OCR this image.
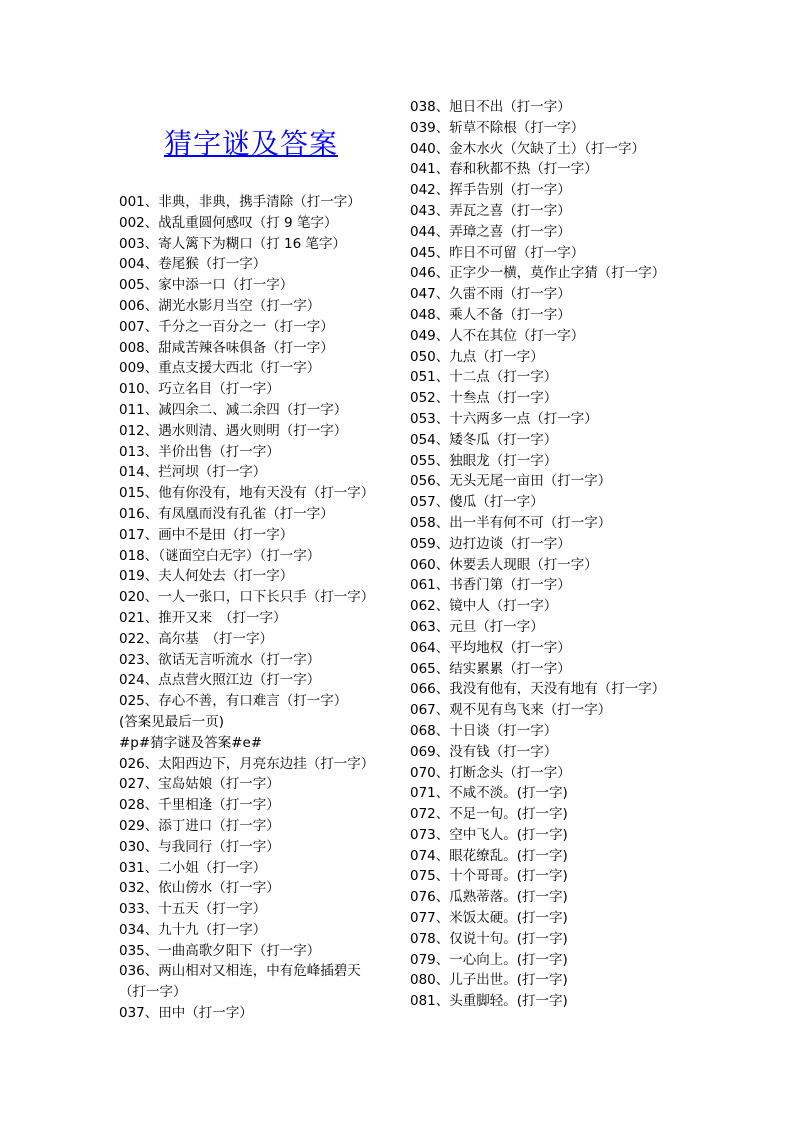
猜字谜及答案
001、非典，非典，携手清除（打一字）
002、战乱重圆何感叹（打 9 笔字）
003、寄人篱下为糊口（打 16 笔字）
004、卷尾猴（打一字）
005、家中添一口（打一字）
006、湖光水影月当空（打一字）
007、千分之一百分之一（打一字）
008、甜咸苦辣各味俱备（打一字）
009、重点支援大西北（打一字）
010、巧立名目（打一字）
011、减四余二、减二余四（打一字）
012、遇水则清、遇火则明（打一字）
013、半价出售（打一字）
014、拦河坝（打一字）
015、他有你没有，地有天没有（打一字）
016、有凤凰而没有孔雀（打一字）
017、画中不是田（打一字）
018、（谜面空白无字）（打一字）
019、夫人何处去（打一字）
020、一人一张口，口下长只手（打一字）
021、推开又来　（打一字）
022、高尔基　（打一字）
023、欲话无言听流水（打一字）
024、点点营火照江边（打一字）
025、存心不善，有口难言（打一字）
(答案见最后一页)
#p#猜字谜及答案#e#
026、太阳西边下，月亮东边挂（打一字）
027、宝岛姑娘（打一字）
028、千里相逢（打一字）
029、添丁进口（打一字）
030、与我同行（打一字）
031、二小姐（打一字）
032、依山傍水（打一字）
033、十五天（打一字）
034、九十九（打一字）
035、一曲高歌夕阳下（打一字）
036、两山相对又相连，中有危峰插碧天
（打一字）
037、田中（打一字）
038、旭日不出（打一字）
039、斩草不除根（打一字）
040、金木水火（欠缺了土）（打一字）
041、春和秋都不热（打一字）
042、挥手告别（打一字）
043、弄瓦之喜（打一字）
044、弄璋之喜（打一字）
045、昨日不可留（打一字）
046、正字少一横，莫作止字猜（打一字）
047、久雷不雨（打一字）
048、乘人不备（打一字）
049、人不在其位（打一字）
050、九点（打一字）
051、十二点（打一字）
052、十叁点（打一字）
053、十六两多一点（打一字）
054、矮冬瓜（打一字）
055、独眼龙（打一字）
056、无头无尾一亩田（打一字）
057、傻瓜（打一字）
058、出一半有何不可（打一字）
059、边打边谈（打一字）
060、休要丢人现眼（打一字）
061、书香门第（打一字）
062、镜中人（打一字）
063、元旦（打一字）
064、平均地权（打一字）
065、结实累累（打一字）
066、我没有他有，天没有地有（打一字）
067、观不见有鸟飞来（打一字）
068、十日谈（打一字）
069、没有钱（打一字）
070、打断念头（打一字）
071、不咸不淡。(打一字)
072、不足一旬。(打一字)
073、空中飞人。(打一字)
074、眼花缭乱。(打一字)
075、十个哥哥。(打一字)
076、瓜熟蒂落。(打一字)
077、米饭太硬。(打一字)
078、仅说十句。(打一字)
079、一心向上。(打一字)
080、儿子出世。(打一字)
081、头重脚轻。(打一字)
